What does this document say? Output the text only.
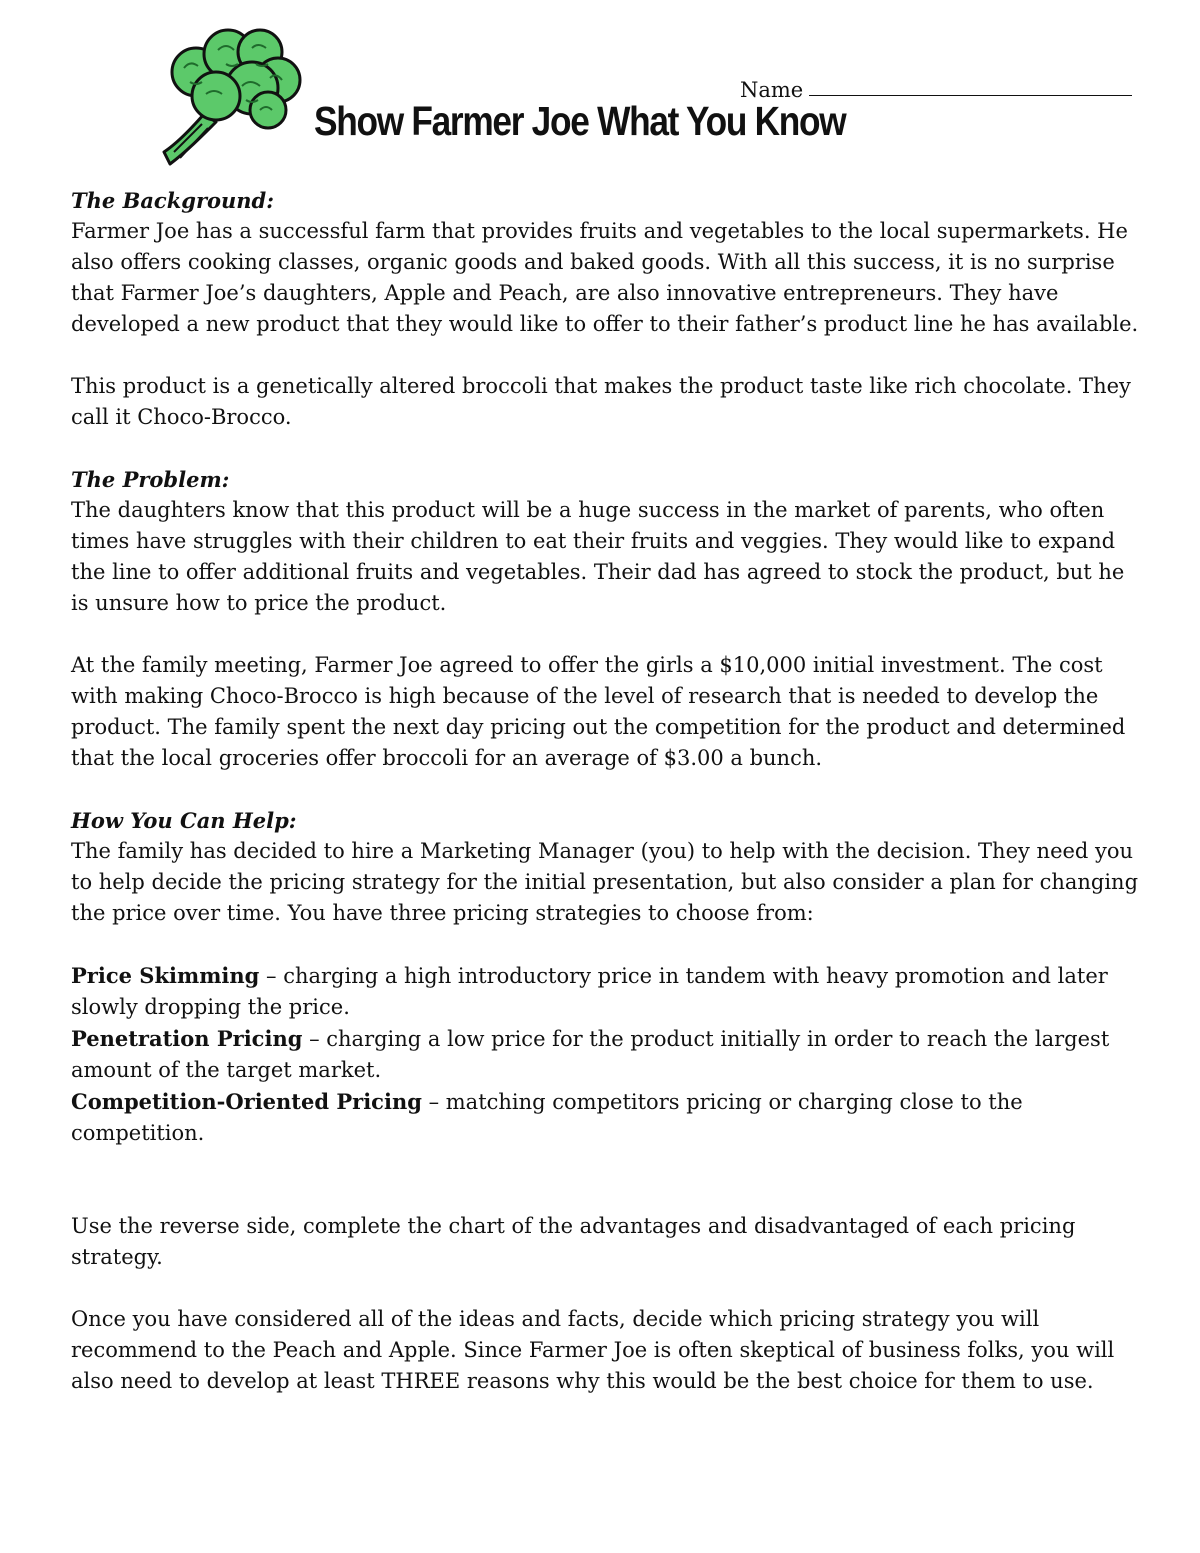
Name
Show Farmer Joe What You Know

The Background:

Farmer Joe has a successful farm that provides fruits and vegetables to the local supermarkets. He also offers cooking classes, organic goods and baked goods. With all this success, it is no surprise that Farmer Joe’s daughters, Apple and Peach, are also innovative entrepreneurs. They have developed a new product that they would like to offer to their father’s product line he has available.

This product is a genetically altered broccoli that makes the product taste like rich chocolate. They call it Choco-Brocco.

The Problem:

The daughters know that this product will be a huge success in the market of parents, who often times have struggles with their children to eat their fruits and veggies. They would like to expand the line to offer additional fruits and vegetables. Their dad has agreed to stock the product, but he is unsure how to price the product.

At the family meeting, Farmer Joe agreed to offer the girls a $10,000 initial investment. The cost with making Choco-Brocco is high because of the level of research that is needed to develop the product. The family spent the next day pricing out the competition for the product and determined that the local groceries offer broccoli for an average of $3.00 a bunch.

How You Can Help:

The family has decided to hire a Marketing Manager (you) to help with the decision. They need you to help decide the pricing strategy for the initial presentation, but also consider a plan for changing the price over time. You have three pricing strategies to choose from:

Price Skimming – charging a high introductory price in tandem with heavy promotion and later slowly dropping the price.

Penetration Pricing – charging a low price for the product initially in order to reach the largest amount of the target market.

Competition-Oriented Pricing – matching competitors pricing or charging close to the competition.

Use the reverse side, complete the chart of the advantages and disadvantaged of each pricing strategy.

Once you have considered all of the ideas and facts, decide which pricing strategy you will recommend to the Peach and Apple. Since Farmer Joe is often skeptical of business folks, you will also need to develop at least THREE reasons why this would be the best choice for them to use.
